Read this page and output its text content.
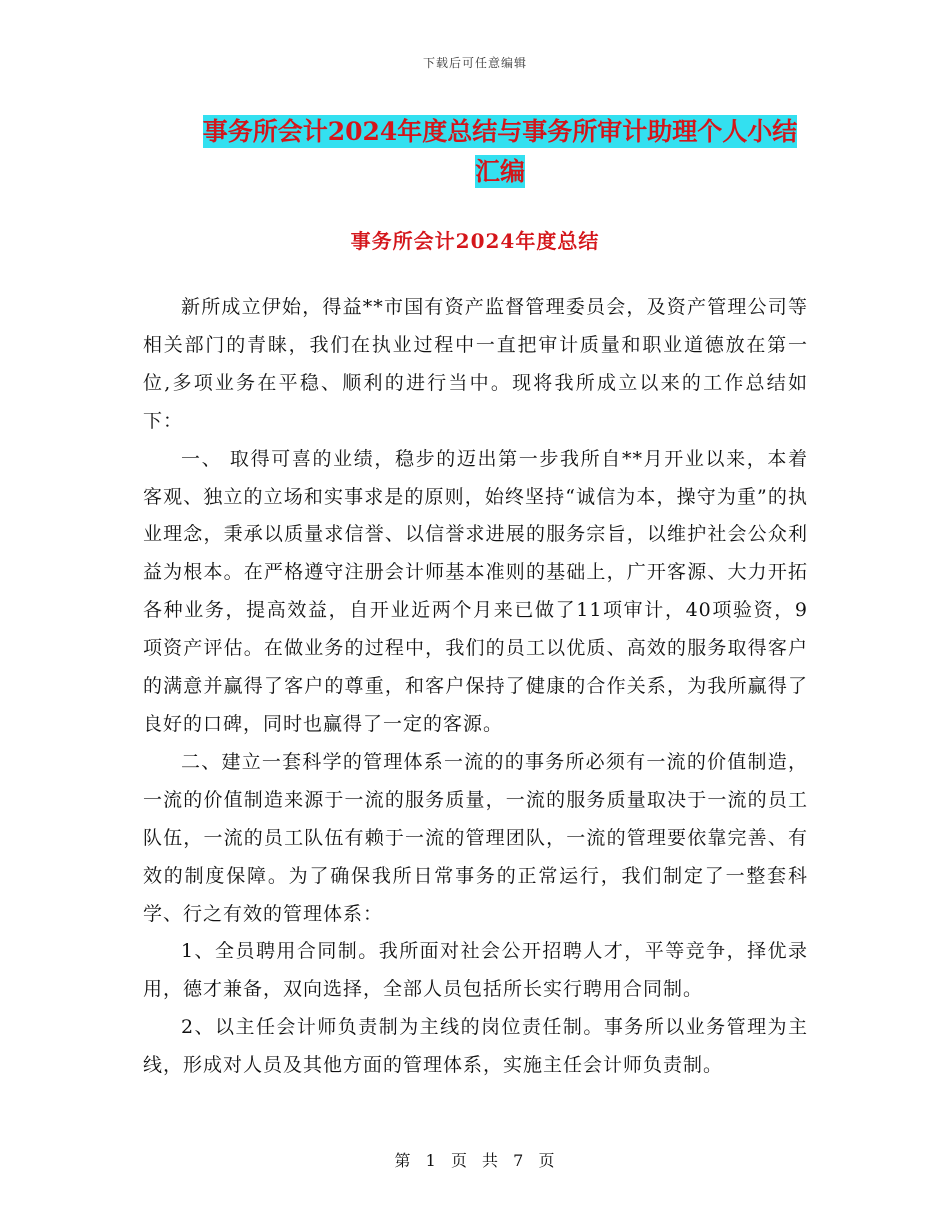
下载后可任意编辑
事务所会计2024年度总结与事务所审计助理个人小结
汇编
事务所会计2024年度总结

新所成立伊始，得益**市国有资产监督管理委员会，及资产管理公司等相关部门的青睐，我们在执业过程中一直把审计质量和职业道德放在第一位,多项业务在平稳、顺利的进行当中。现将我所成立以来的工作总结如下：

一、 取得可喜的业绩，稳步的迈出第一步我所自**月开业以来，本着客观、独立的立场和实事求是的原则，始终坚持“诚信为本，操守为重”的执业理念，秉承以质量求信誉、以信誉求进展的服务宗旨，以维护社会公众利益为根本。在严格遵守注册会计师基本准则的基础上，广开客源、大力开拓各种业务，提高效益，自开业近两个月来已做了11项审计，40项验资，9项资产评估。在做业务的过程中，我们的员工以优质、高效的服务取得客户的满意并赢得了客户的尊重，和客户保持了健康的合作关系，为我所赢得了良好的口碑，同时也赢得了一定的客源。

二、建立一套科学的管理体系一流的的事务所必须有一流的价值制造，一流的价值制造来源于一流的服务质量，一流的服务质量取决于一流的员工队伍，一流的员工队伍有赖于一流的管理团队，一流的管理要依靠完善、有效的制度保障。为了确保我所日常事务的正常运行，我们制定了一整套科学、行之有效的管理体系：

1、全员聘用合同制。我所面对社会公开招聘人才，平等竞争，择优录用，德才兼备，双向选择，全部人员包括所长实行聘用合同制。

2、以主任会计师负责制为主线的岗位责任制。事务所以业务管理为主线，形成对人员及其他方面的管理体系，实施主任会计师负责制。

第 1 页 共 7 页
